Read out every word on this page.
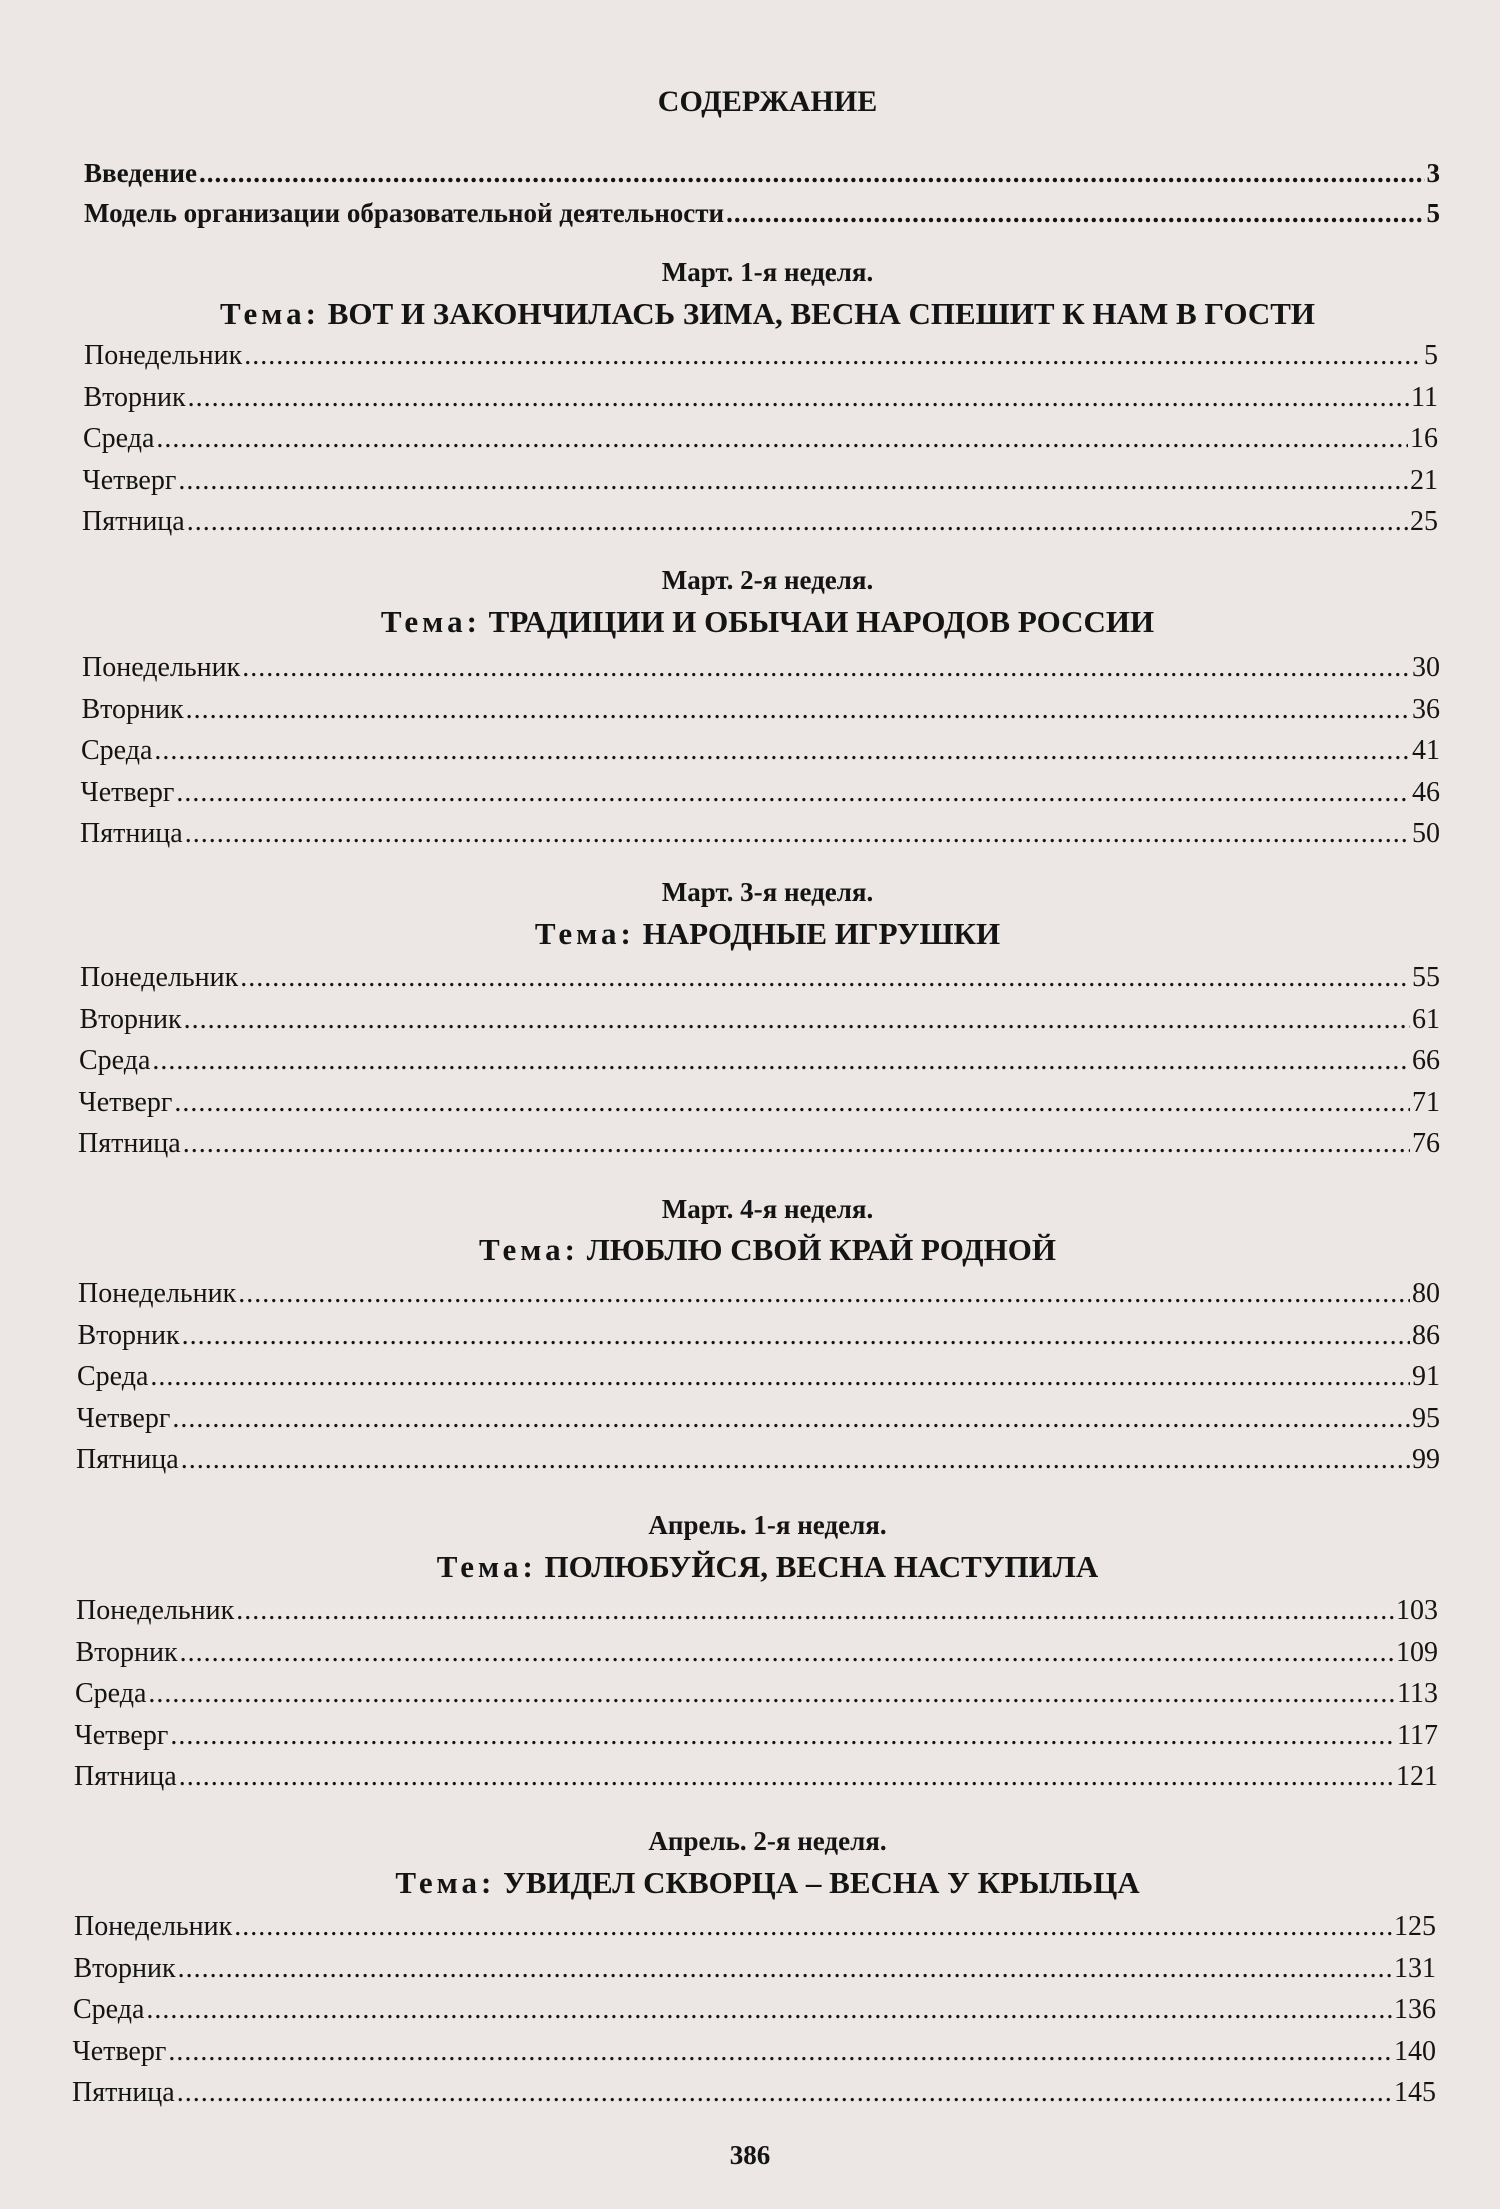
СОДЕРЖАНИЕ
Введение .....	3
Модель организации образовательной деятельности .....	5
Март. 1-я неделя.
Тема: ВОТ И ЗАКОНЧИЛАСЬ ЗИМА, ВЕСНА СПЕШИТ К НАМ В ГОСТИ
Понедельник .....	5
Вторник .....	11
Среда .....	16
Четверг .....	21
Пятница .....	25
Март. 2-я неделя.
Тема: ТРАДИЦИИ И ОБЫЧАИ НАРОДОВ РОССИИ
Понедельник .....	30
Вторник .....	36
Среда .....	41
Четверг .....	46
Пятница .....	50
Март. 3-я неделя.
Тема: НАРОДНЫЕ ИГРУШКИ
Понедельник .....	55
Вторник .....	61
Среда .....	66
Четверг .....	71
Пятница .....	76
Март. 4-я неделя.
Тема: ЛЮБЛЮ СВОЙ КРАЙ РОДНОЙ
Понедельник .....	80
Вторник .....	86
Среда .....	91
Четверг .....	95
Пятница .....	99
Апрель. 1-я неделя.
Тема: ПОЛЮБУЙСЯ, ВЕСНА НАСТУПИЛА
Понедельник .....	103
Вторник .....	109
Среда .....	113
Четверг .....	117
Пятница .....	121
Апрель. 2-я неделя.
Тема: УВИДЕЛ СКВОРЦА – ВЕСНА У КРЫЛЬЦА
Понедельник .....	125
Вторник .....	131
Среда .....	136
Четверг .....	140
Пятница .....	145
386
